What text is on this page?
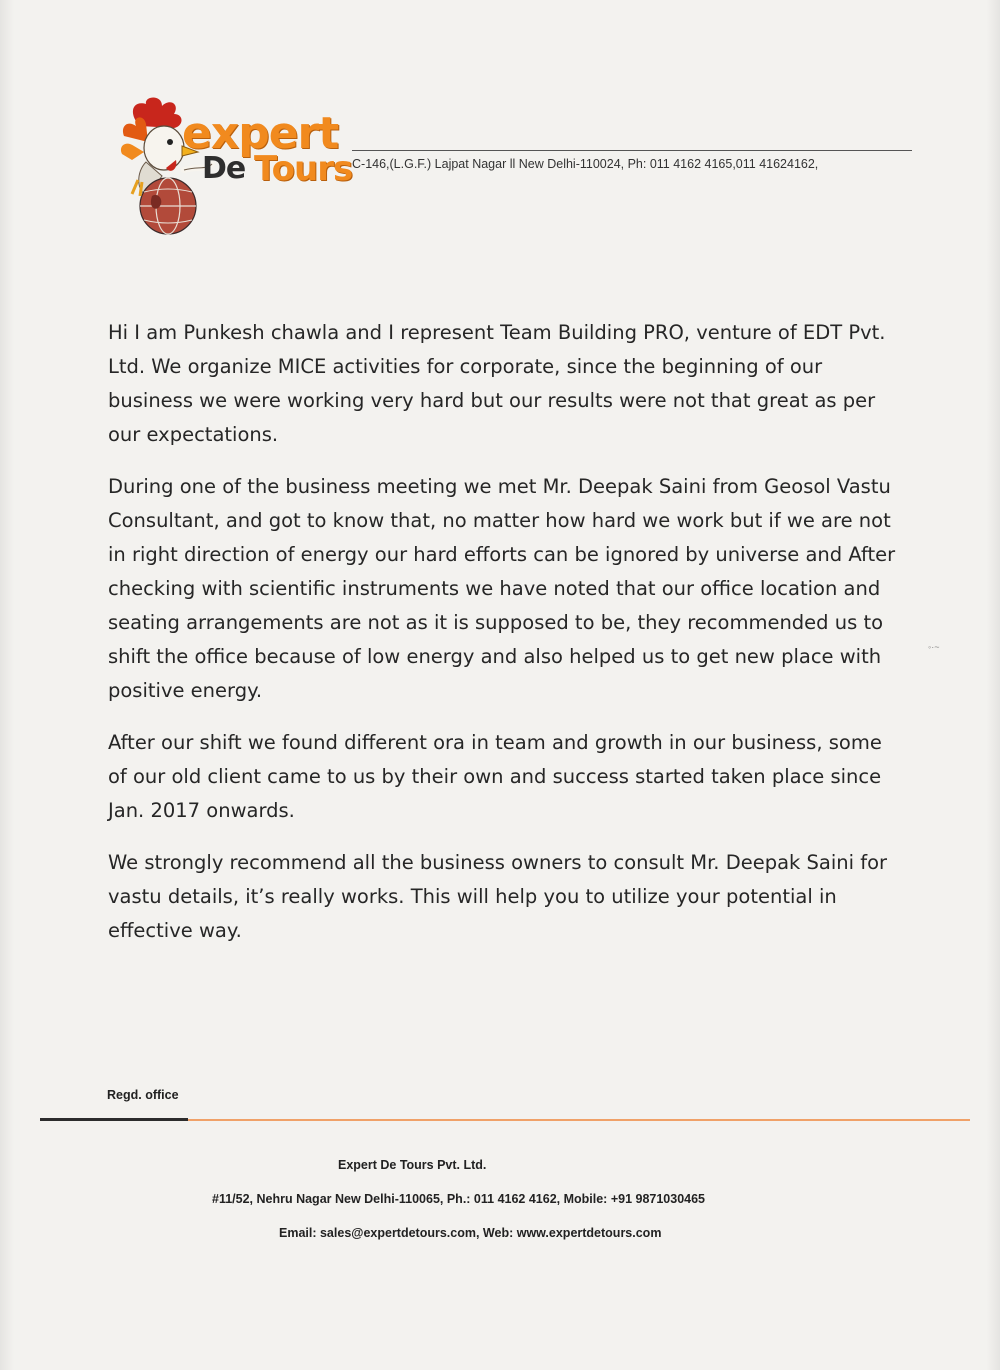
expert
De Tours C-146,(L.G.F.) Lajpat Nagar ll New Delhi-110024, Ph: 011 4162 4165,011 41624162,

Hi I am Punkesh chawla and I represent Team Building PRO, venture of EDT Pvt. Ltd. We organize MICE activities for corporate, since the beginning of our business we were working very hard but our results were not that great as per our expectations.

During one of the business meeting we met Mr. Deepak Saini from Geosol Vastu Consultant, and got to know that, no matter how hard we work but if we are not in right direction of energy our hard efforts can be ignored by universe and After checking with scientific instruments we have noted that our office location and seating arrangements are not as it is supposed to be, they recommended us to shift the office because of low energy and also helped us to get new place with positive energy.

After our shift we found different ora in team and growth in our business, some of our old client came to us by their own and success started taken place since Jan. 2017 onwards.

We strongly recommend all the business owners to consult Mr. Deepak Saini for vastu details, it’s really works. This will help you to utilize your potential in effective way.

◦·~
Regd. office
Expert De Tours Pvt. Ltd.
#11/52, Nehru Nagar New Delhi-110065, Ph.: 011 4162 4162, Mobile: +91 9871030465
Email: sales@expertdetours.com, Web: www.expertdetours.com
